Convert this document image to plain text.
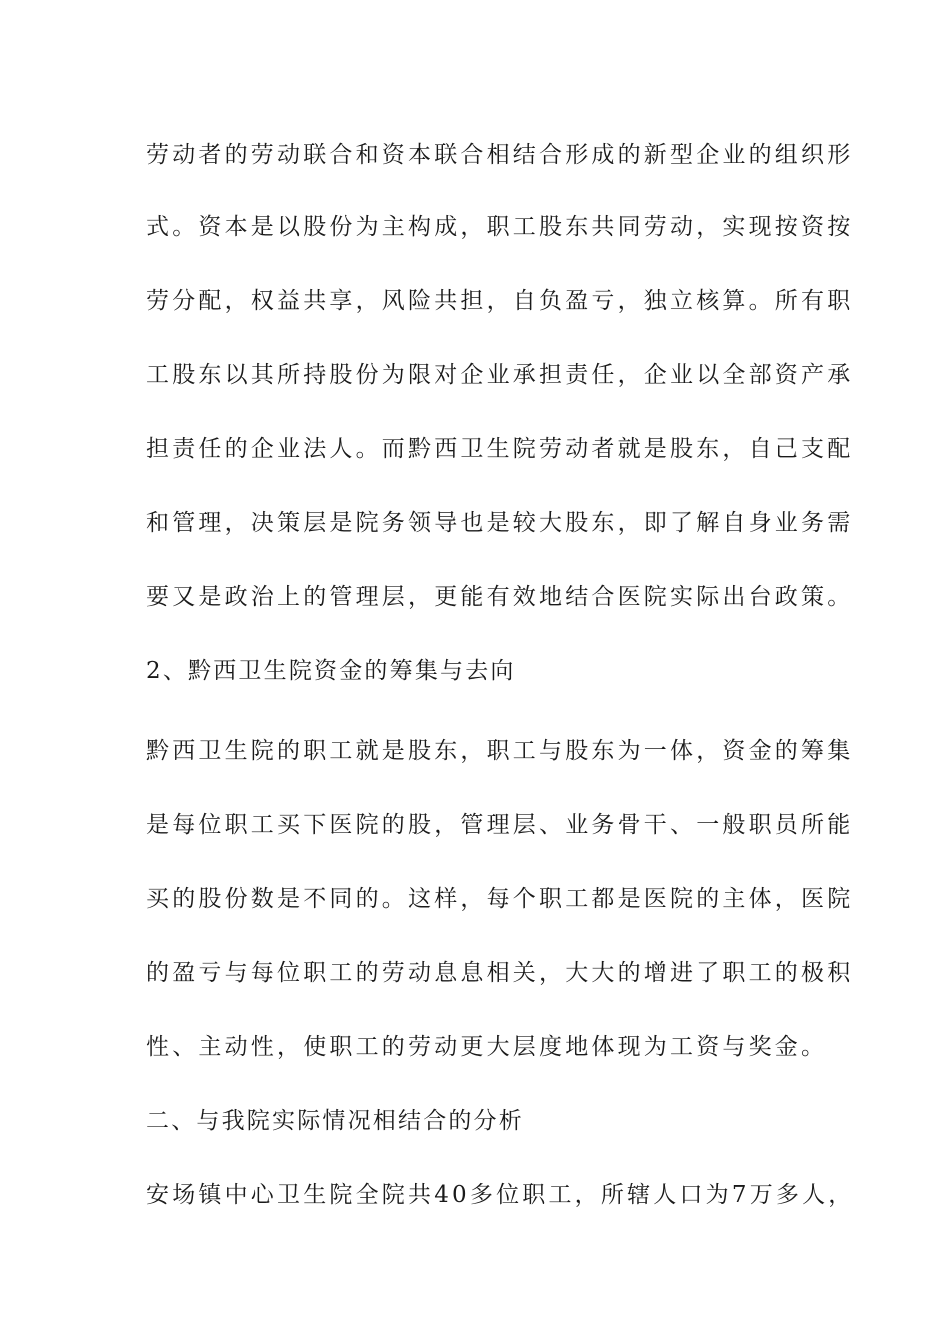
劳动者的劳动联合和资本联合相结合形成的新型企业的组织形
式。资本是以股份为主构成，职工股东共同劳动，实现按资按
劳分配，权益共享，风险共担，自负盈亏，独立核算。所有职
工股东以其所持股份为限对企业承担责任，企业以全部资产承
担责任的企业法人。而黔西卫生院劳动者就是股东，自己支配
和管理，决策层是院务领导也是较大股东，即了解自身业务需
要又是政治上的管理层，更能有效地结合医院实际出台政策。
2、黔西卫生院资金的筹集与去向
黔西卫生院的职工就是股东，职工与股东为一体，资金的筹集
是每位职工买下医院的股，管理层、业务骨干、一般职员所能
买的股份数是不同的。这样，每个职工都是医院的主体，医院
的盈亏与每位职工的劳动息息相关，大大的增进了职工的极积
性、主动性，使职工的劳动更大层度地体现为工资与奖金。
二、与我院实际情况相结合的分析
安场镇中心卫生院全院共40多位职工，所辖人口为7万多人，
